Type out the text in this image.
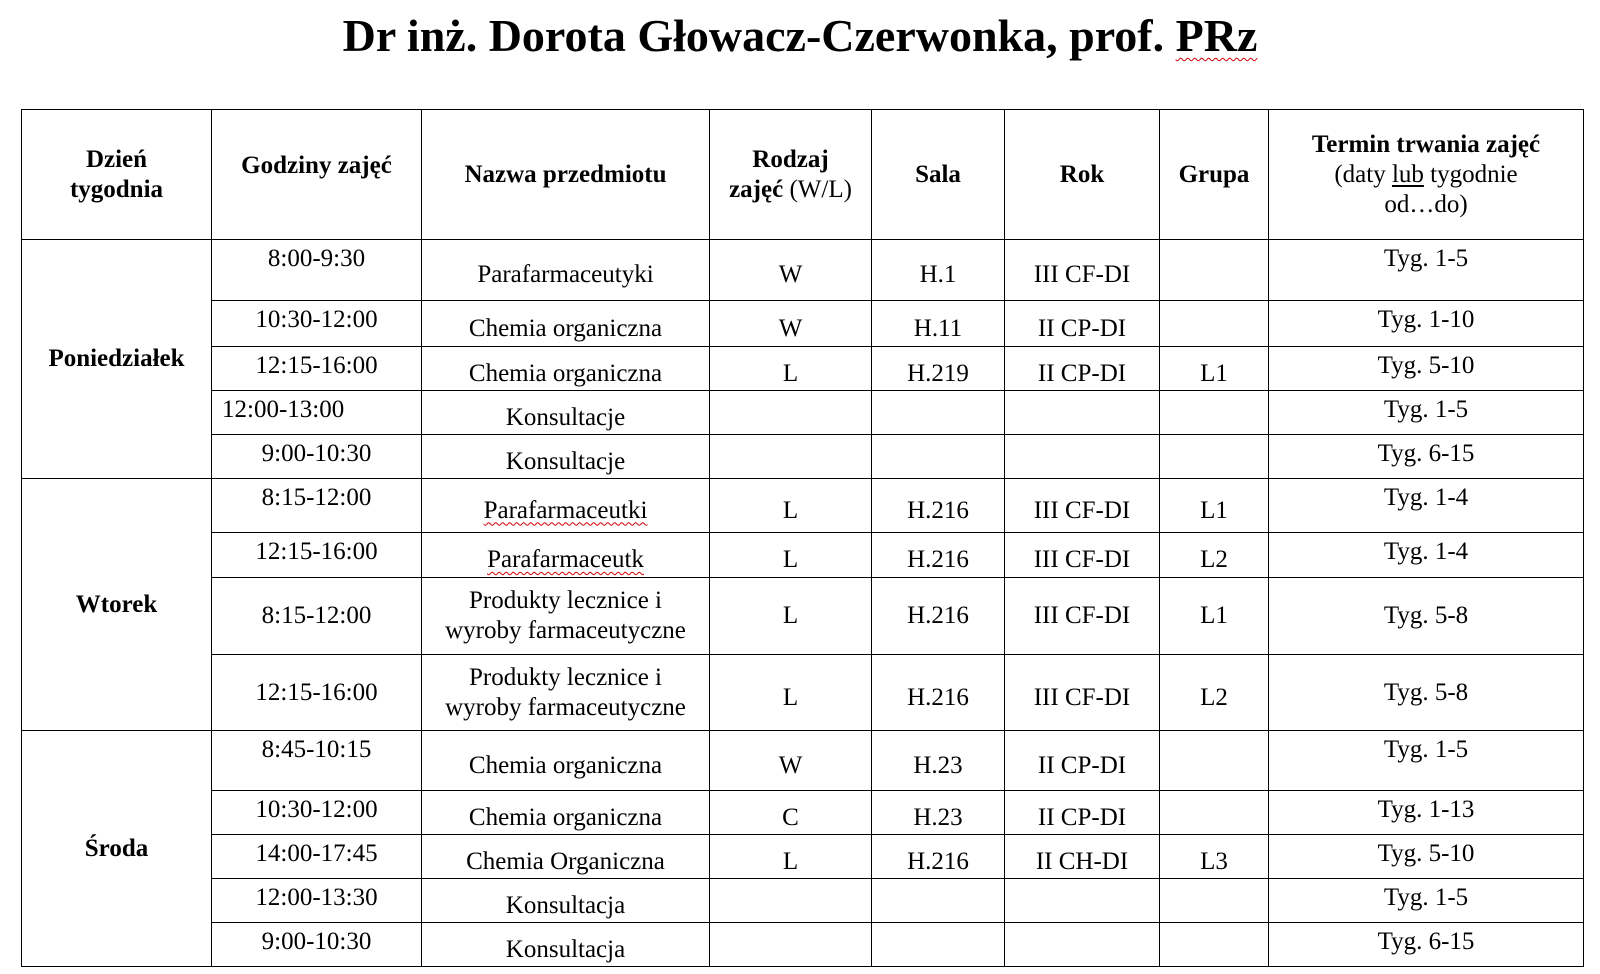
Dr inż. Dorota Głowacz-Czerwonka, prof. PRz
Dzień
tygodnia	Godziny zajęć	Nazwa przedmiotu	Rodzaj
zajęć (W/L)	Sala	Rok	Grupa	Termin trwania zajęć
(daty lub tygodnie
od…do)
Poniedziałek	8:00-9:30	Parafarmaceutyki	W	H.1	III CF-DI		Tyg. 1-5
	10:30-12:00	Chemia organiczna	W	H.11	II CP-DI		Tyg. 1-10
	12:15-16:00	Chemia organiczna	L	H.219	II CP-DI	L1	Tyg. 5-10
	12:00-13:00	Konsultacje					Tyg. 1-5
	9:00-10:30	Konsultacje					Tyg. 6-15
Wtorek	8:15-12:00	Parafarmaceutki	L	H.216	III CF-DI	L1	Tyg. 1-4
	12:15-16:00	Parafarmaceutk	L	H.216	III CF-DI	L2	Tyg. 1-4
	8:15-12:00	Produkty lecznice i
wyroby farmaceutyczne	L	H.216	III CF-DI	L1	Tyg. 5-8
	12:15-16:00	Produkty lecznice i
wyroby farmaceutyczne	L	H.216	III CF-DI	L2	Tyg. 5-8
Środa	8:45-10:15	Chemia organiczna	W	H.23	II CP-DI		Tyg. 1-5
	10:30-12:00	Chemia organiczna	C	H.23	II CP-DI		Tyg. 1-13
	14:00-17:45	Chemia Organiczna	L	H.216	II CH-DI	L3	Tyg. 5-10
	12:00-13:30	Konsultacja					Tyg. 1-5
	9:00-10:30	Konsultacja					Tyg. 6-15
